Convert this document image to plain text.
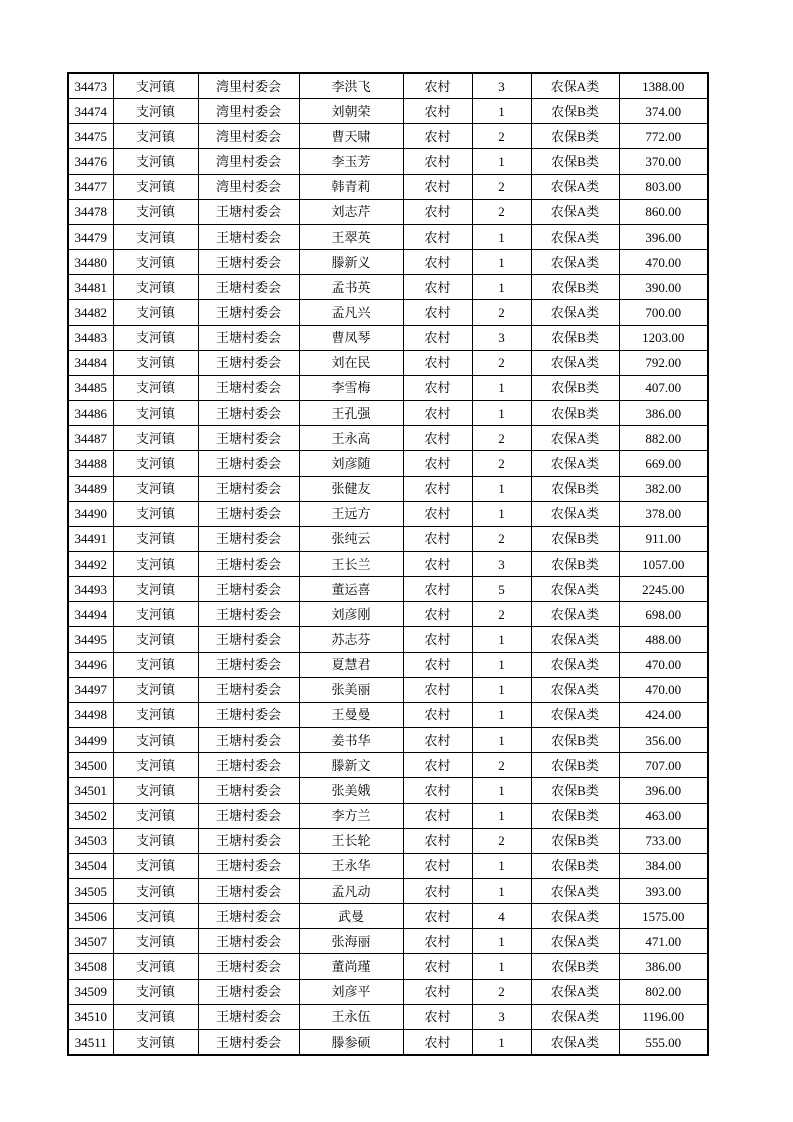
34473	支河镇	湾里村委会	李洪飞	农村	3	农保A类	1388.00
34474	支河镇	湾里村委会	刘朝荣	农村	1	农保B类	374.00
34475	支河镇	湾里村委会	曹天啸	农村	2	农保B类	772.00
34476	支河镇	湾里村委会	李玉芳	农村	1	农保B类	370.00
34477	支河镇	湾里村委会	韩青莉	农村	2	农保A类	803.00
34478	支河镇	王塘村委会	刘志芹	农村	2	农保A类	860.00
34479	支河镇	王塘村委会	王翠英	农村	1	农保A类	396.00
34480	支河镇	王塘村委会	滕新义	农村	1	农保A类	470.00
34481	支河镇	王塘村委会	孟书英	农村	1	农保B类	390.00
34482	支河镇	王塘村委会	孟凡兴	农村	2	农保A类	700.00
34483	支河镇	王塘村委会	曹凤琴	农村	3	农保B类	1203.00
34484	支河镇	王塘村委会	刘在民	农村	2	农保A类	792.00
34485	支河镇	王塘村委会	李雪梅	农村	1	农保B类	407.00
34486	支河镇	王塘村委会	王孔强	农村	1	农保B类	386.00
34487	支河镇	王塘村委会	王永高	农村	2	农保A类	882.00
34488	支河镇	王塘村委会	刘彦随	农村	2	农保A类	669.00
34489	支河镇	王塘村委会	张健友	农村	1	农保B类	382.00
34490	支河镇	王塘村委会	王远方	农村	1	农保A类	378.00
34491	支河镇	王塘村委会	张纯云	农村	2	农保B类	911.00
34492	支河镇	王塘村委会	王长兰	农村	3	农保B类	1057.00
34493	支河镇	王塘村委会	董运喜	农村	5	农保A类	2245.00
34494	支河镇	王塘村委会	刘彦刚	农村	2	农保A类	698.00
34495	支河镇	王塘村委会	苏志芬	农村	1	农保A类	488.00
34496	支河镇	王塘村委会	夏慧君	农村	1	农保A类	470.00
34497	支河镇	王塘村委会	张美丽	农村	1	农保A类	470.00
34498	支河镇	王塘村委会	王曼曼	农村	1	农保A类	424.00
34499	支河镇	王塘村委会	姜书华	农村	1	农保B类	356.00
34500	支河镇	王塘村委会	滕新文	农村	2	农保B类	707.00
34501	支河镇	王塘村委会	张美娥	农村	1	农保B类	396.00
34502	支河镇	王塘村委会	李方兰	农村	1	农保B类	463.00
34503	支河镇	王塘村委会	王长轮	农村	2	农保B类	733.00
34504	支河镇	王塘村委会	王永华	农村	1	农保B类	384.00
34505	支河镇	王塘村委会	孟凡动	农村	1	农保A类	393.00
34506	支河镇	王塘村委会	武曼	农村	4	农保A类	1575.00
34507	支河镇	王塘村委会	张海丽	农村	1	农保A类	471.00
34508	支河镇	王塘村委会	董尚瑾	农村	1	农保B类	386.00
34509	支河镇	王塘村委会	刘彦平	农村	2	农保A类	802.00
34510	支河镇	王塘村委会	王永伍	农村	3	农保A类	1196.00
34511	支河镇	王塘村委会	滕参硕	农村	1	农保A类	555.00
